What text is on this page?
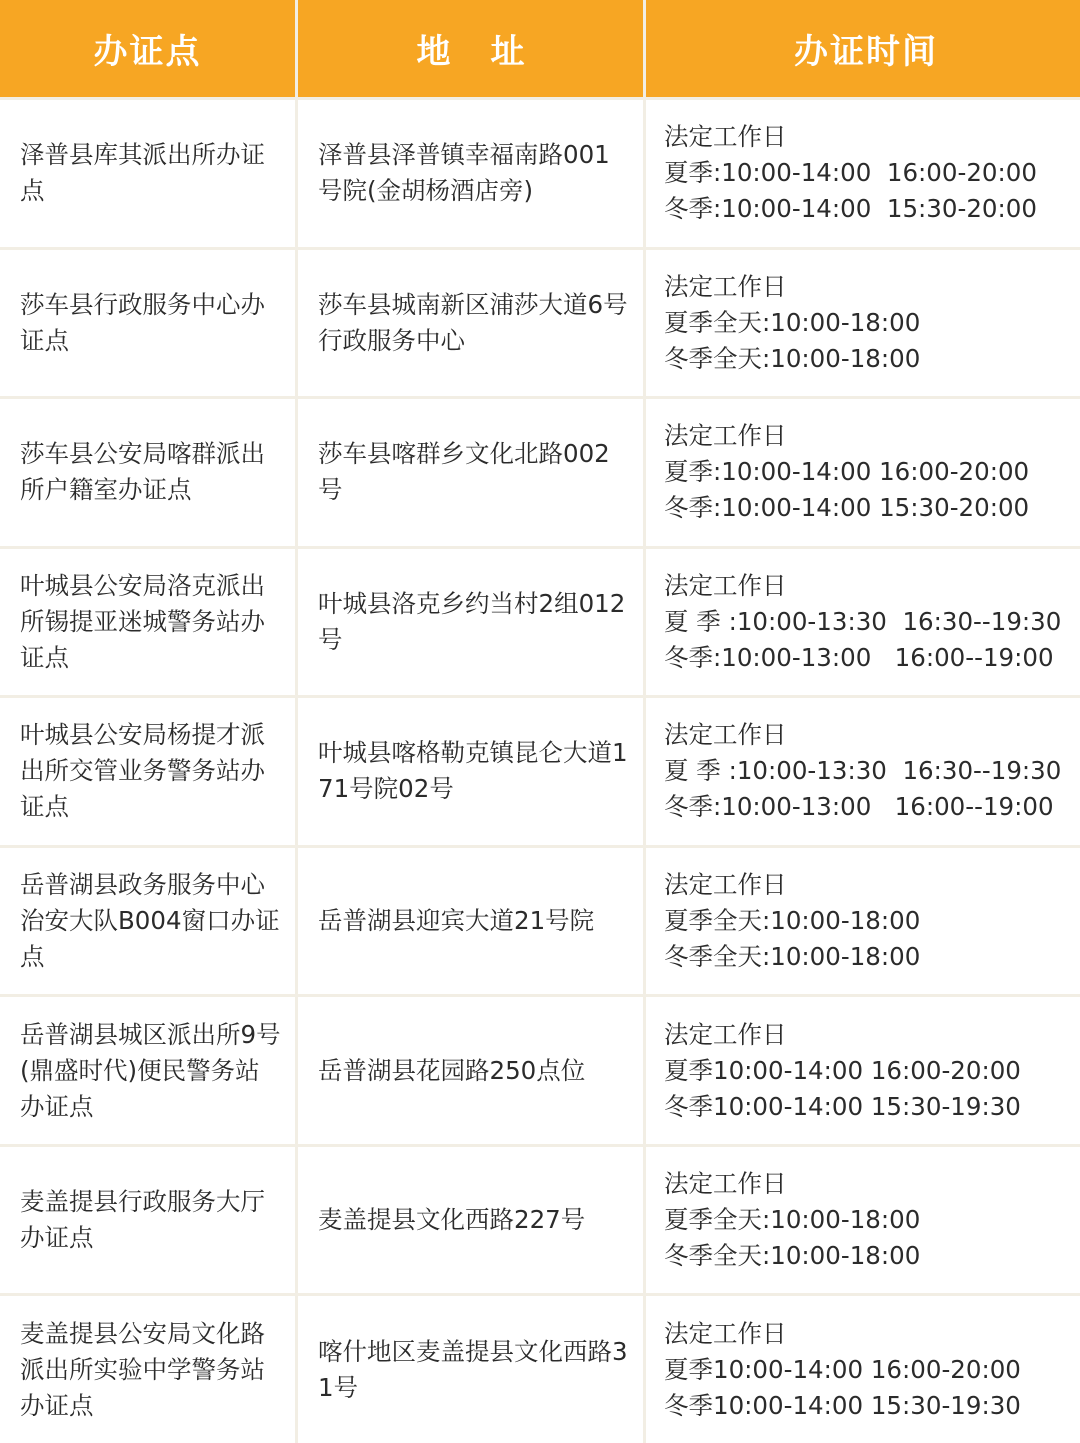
办证点	地址	办证时间
泽普县库其派出所办证点
泽普县泽普镇幸福南路001号院(金胡杨酒店旁)
法定工作日
夏季:10:00-14:00  16:00-20:00
冬季:10:00-14:00  15:30-20:00
莎车县行政服务中心办证点
莎车县城南新区浦莎大道6号行政服务中心
法定工作日
夏季全天:10:00-18:00
冬季全天:10:00-18:00
莎车县公安局喀群派出所户籍室办证点
莎车县喀群乡文化北路002号
法定工作日
夏季:10:00-14:00 16:00-20:00
冬季:10:00-14:00 15:30-20:00
叶城县公安局洛克派出所锡提亚迷城警务站办证点
叶城县洛克乡约当村2组012号
法定工作日
夏 季 :10:00-13:30  16:30--19:30
冬季:10:00-13:00   16:00--19:00
叶城县公安局杨提才派出所交管业务警务站办证点
叶城县喀格勒克镇昆仑大道171号院02号
法定工作日
夏 季 :10:00-13:30  16:30--19:30
冬季:10:00-13:00   16:00--19:00
岳普湖县政务服务中心治安大队B004窗口办证点
岳普湖县迎宾大道21号院
法定工作日
夏季全天:10:00-18:00
冬季全天:10:00-18:00
岳普湖县城区派出所9号(鼎盛时代)便民警务站办证点
岳普湖县花园路250点位
法定工作日
夏季10:00-14:00 16:00-20:00
冬季10:00-14:00 15:30-19:30
麦盖提县行政服务大厅办证点
麦盖提县文化西路227号
法定工作日
夏季全天:10:00-18:00
冬季全天:10:00-18:00
麦盖提县公安局文化路派出所实验中学警务站办证点
喀什地区麦盖提县文化西路31号
法定工作日
夏季10:00-14:00 16:00-20:00
冬季10:00-14:00 15:30-19:30
